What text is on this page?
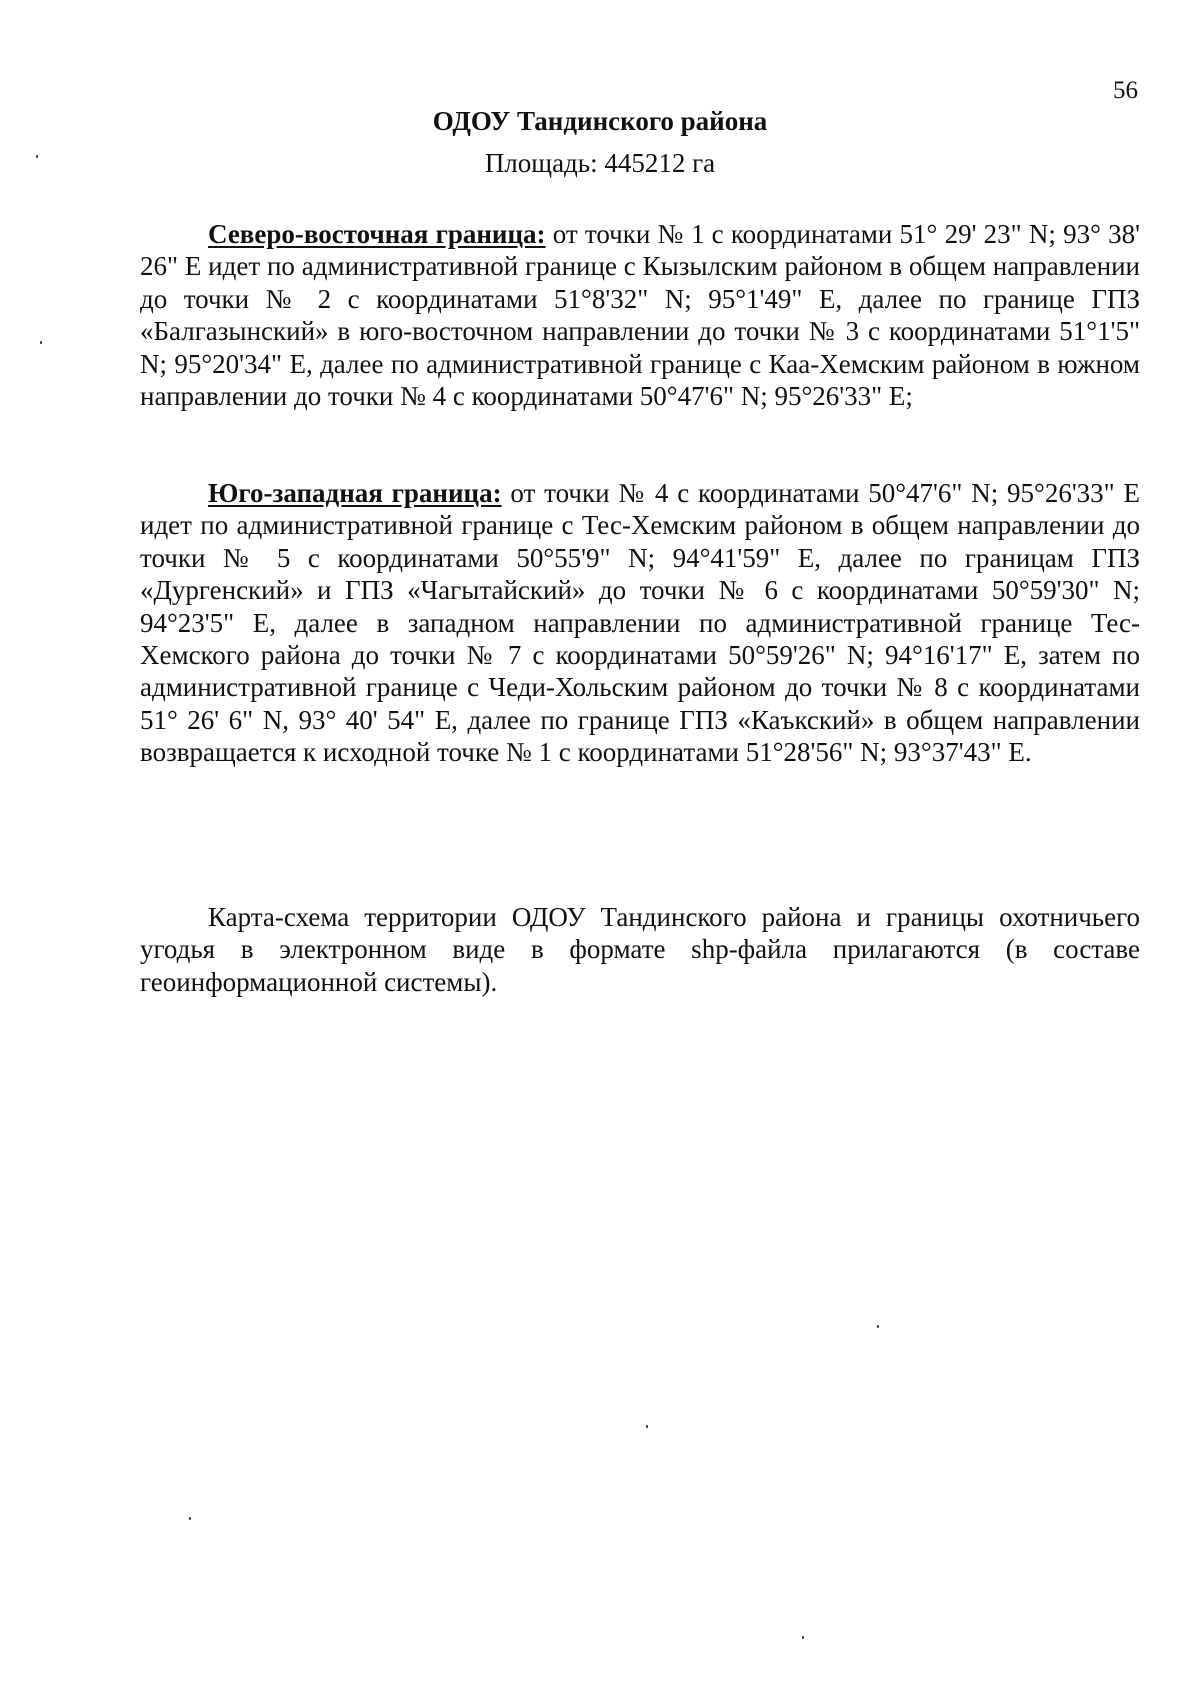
56
ОДОУ Тандинского района
Площадь: 445212 га

Северо-восточная граница: от точки № 1 с координатами 51° 29' 23" N; 93° 38' 26" E идет по административной границе с Кызылским районом в общем направлении до точки № 2 с координатами 51°8'32" N; 95°1'49" E, далее по границе ГПЗ «Балгазынский» в юго-восточном направлении до точки № 3 с координатами 51°1'5" N; 95°20'34" E, далее по административной границе с Каа-Хемским районом в южном направлении до точки № 4 с координатами 50°47'6" N; 95°26'33" E;

Юго-западная граница: от точки № 4 с координатами 50°47'6" N; 95°26'33" E идет по административной границе с Тес-Хемским районом в общем направлении до точки № 5 с координатами 50°55'9" N; 94°41'59" E, далее по границам ГПЗ «Дургенский» и ГПЗ «Чагытайский» до точки № 6 с координатами 50°59'30" N; 94°23'5" E, далее в западном направлении по административной границе Тес-Хемского района до точки № 7 с координатами 50°59'26" N; 94°16'17" E, затем по административной границе с Чеди-Хольским районом до точки № 8 с координатами 51° 26' 6" N, 93° 40' 54" E, далее по границе ГПЗ «Каъкский» в общем направлении возвращается к исходной точке № 1 с координатами 51°28'56" N; 93°37'43" E.

Карта-схема территории ОДОУ Тандинского района и границы охотничьего угодья в электронном виде в формате shp-файла прилагаются (в составе геоинформационной системы).
